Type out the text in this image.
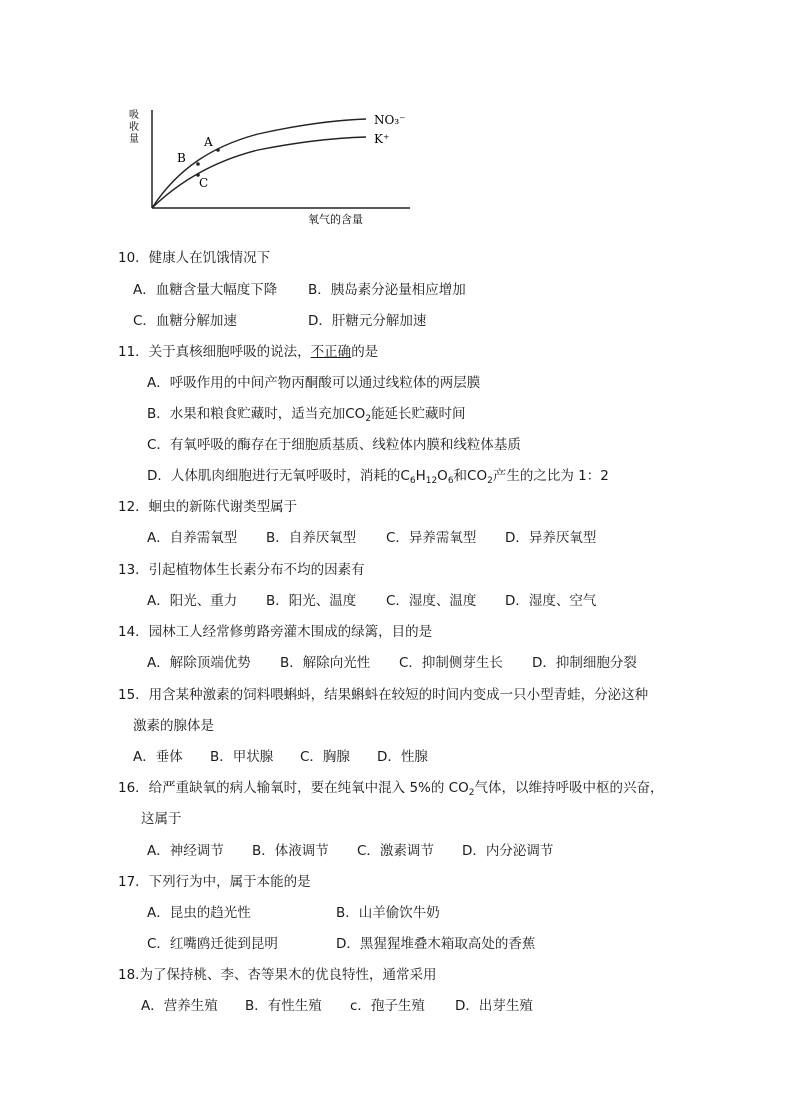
A
B
C
NO₃⁻
K⁺
吸
收
量
氧气的含量
10．健康人在饥饿情况下
A．血糖含量大幅度下降 B．胰岛素分泌量相应增加
C．血糖分解加速	D．肝糖元分解加速
11．关于真核细胞呼吸的说法，不正确的是
A．呼吸作用的中间产物丙酮酸可以通过线粒体的两层膜
B．水果和粮食贮藏时，适当充加$CO_2$能延长贮藏时间
C．有氧呼吸的酶存在于细胞质基质、线粒体内膜和线粒体基质
D．人体肌肉细胞进行无氧呼吸时，消耗的$C_6H_{12}O_6$和$CO_2$产生的之比为 1：2
12．蛔虫的新陈代谢类型属于
A．自养需氧型 B．自养厌氧型 C．异养需氧型 D．异养厌氧型
13．引起植物体生长素分布不均的因素有
A．阳光、重力 B．阳光、温度 C．湿度、温度 D．湿度、空气
14．园林工人经常修剪路旁灌木围成的绿篱，目的是
A．解除顶端优势 B．解除向光性 C．抑制侧芽生长 D．抑制细胞分裂
15．用含某种激素的饲料喂蝌蚪，结果蝌蚪在较短的时间内变成一只小型青蛙，分泌这种
激素的腺体是
A．垂体 B．甲状腺 C．胸腺 D．性腺
16．给严重缺氧的病人输氧时，要在纯氧中混入 5%的 $CO_2$气体，以维持呼吸中枢的兴奋，
这属于
A．神经调节 B．体液调节 C．激素调节 D．内分泌调节
17．下列行为中，属于本能的是
A．昆虫的趋光性	B．山羊偷饮牛奶
C．红嘴鸥迁徙到昆明	D．黑猩猩堆叠木箱取高处的香蕉
18.为了保持桃、李、杏等果木的优良特性，通常采用
A．营养生殖 B．有性生殖 c．孢子生殖 D．出芽生殖
